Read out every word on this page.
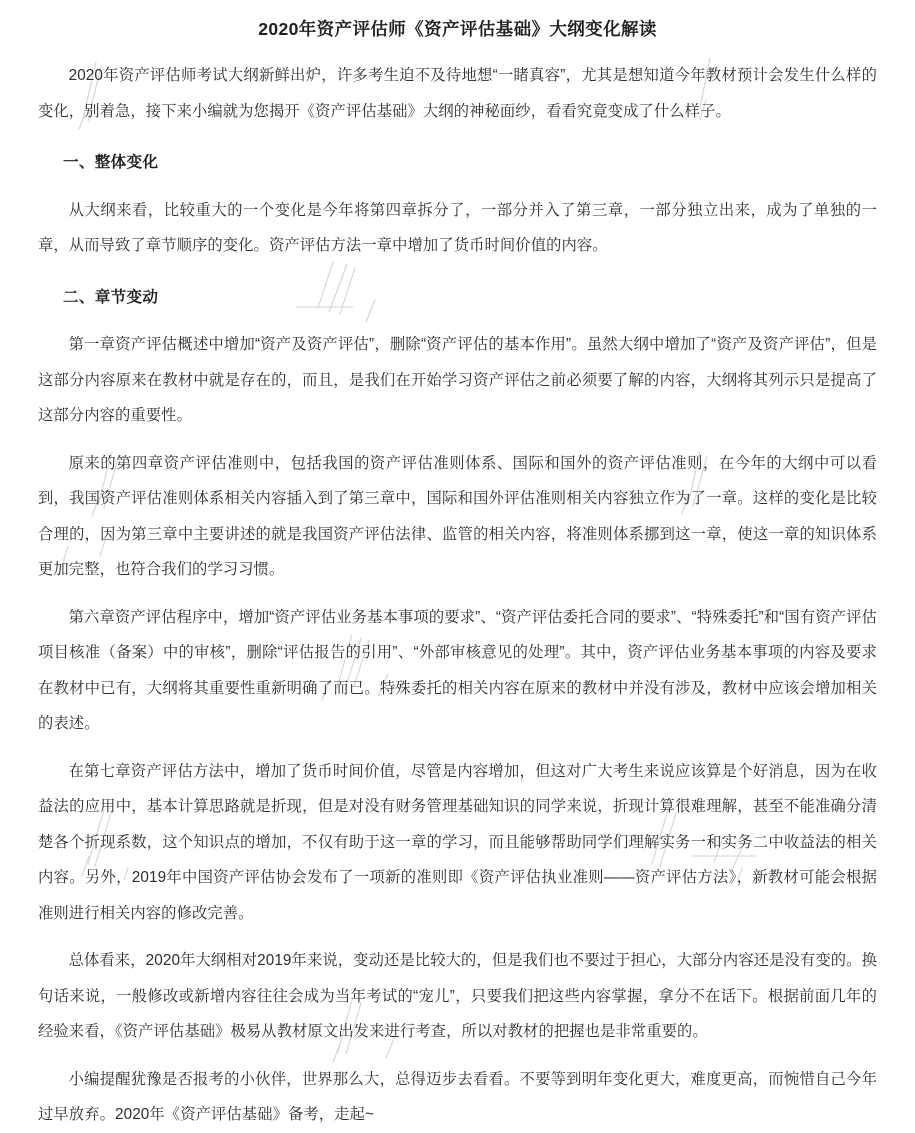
2020年资产评估师《资产评估基础》大纲变化解读

2020年资产评估师考试大纲新鲜出炉，许多考生迫不及待地想“一睹真容”，尤其是想知道今年教材预计会发生什么样的变化，别着急，接下来小编就为您揭开《资产评估基础》大纲的神秘面纱，看看究竟变成了什么样子。

一、整体变化

从大纲来看，比较重大的一个变化是今年将第四章拆分了，一部分并入了第三章，一部分独立出来，成为了单独的一章，从而导致了章节顺序的变化。资产评估方法一章中增加了货币时间价值的内容。

二、章节变动

第一章资产评估概述中增加“资产及资产评估”，删除“资产评估的基本作用”。虽然大纲中增加了“资产及资产评估”，但是这部分内容原来在教材中就是存在的，而且，是我们在开始学习资产评估之前必须要了解的内容，大纲将其列示只是提高了这部分内容的重要性。

原来的第四章资产评估准则中，包括我国的资产评估准则体系、国际和国外的资产评估准则，在今年的大纲中可以看到，我国资产评估准则体系相关内容插入到了第三章中，国际和国外评估准则相关内容独立作为了一章。这样的变化是比较合理的，因为第三章中主要讲述的就是我国资产评估法律、监管的相关内容，将准则体系挪到这一章，使这一章的知识体系更加完整，也符合我们的学习习惯。

第六章资产评估程序中，增加“资产评估业务基本事项的要求”、“资产评估委托合同的要求”、“特殊委托”和“国有资产评估项目核准（备案）中的审核”，删除“评估报告的引用”、“外部审核意见的处理”。其中，资产评估业务基本事项的内容及要求在教材中已有，大纲将其重要性重新明确了而已。特殊委托的相关内容在原来的教材中并没有涉及，教材中应该会增加相关的表述。

在第七章资产评估方法中，增加了货币时间价值，尽管是内容增加，但这对广大考生来说应该算是个好消息，因为在收益法的应用中，基本计算思路就是折现，但是对没有财务管理基础知识的同学来说，折现计算很难理解，甚至不能准确分清楚各个折现系数，这个知识点的增加，不仅有助于这一章的学习，而且能够帮助同学们理解实务一和实务二中收益法的相关内容。另外，2019年中国资产评估协会发布了一项新的准则即《资产评估执业准则——资产评估方法》，新教材可能会根据准则进行相关内容的修改完善。

总体看来，2020年大纲相对2019年来说，变动还是比较大的，但是我们也不要过于担心，大部分内容还是没有变的。换句话来说，一般修改或新增内容往往会成为当年考试的“宠儿”，只要我们把这些内容掌握，拿分不在话下。根据前面几年的经验来看，《资产评估基础》极易从教材原文出发来进行考查，所以对教材的把握也是非常重要的。

小编提醒犹豫是否报考的小伙伴，世界那么大，总得迈步去看看。不要等到明年变化更大，难度更高，而惋惜自己今年过早放弃。2020年《资产评估基础》备考，走起~
